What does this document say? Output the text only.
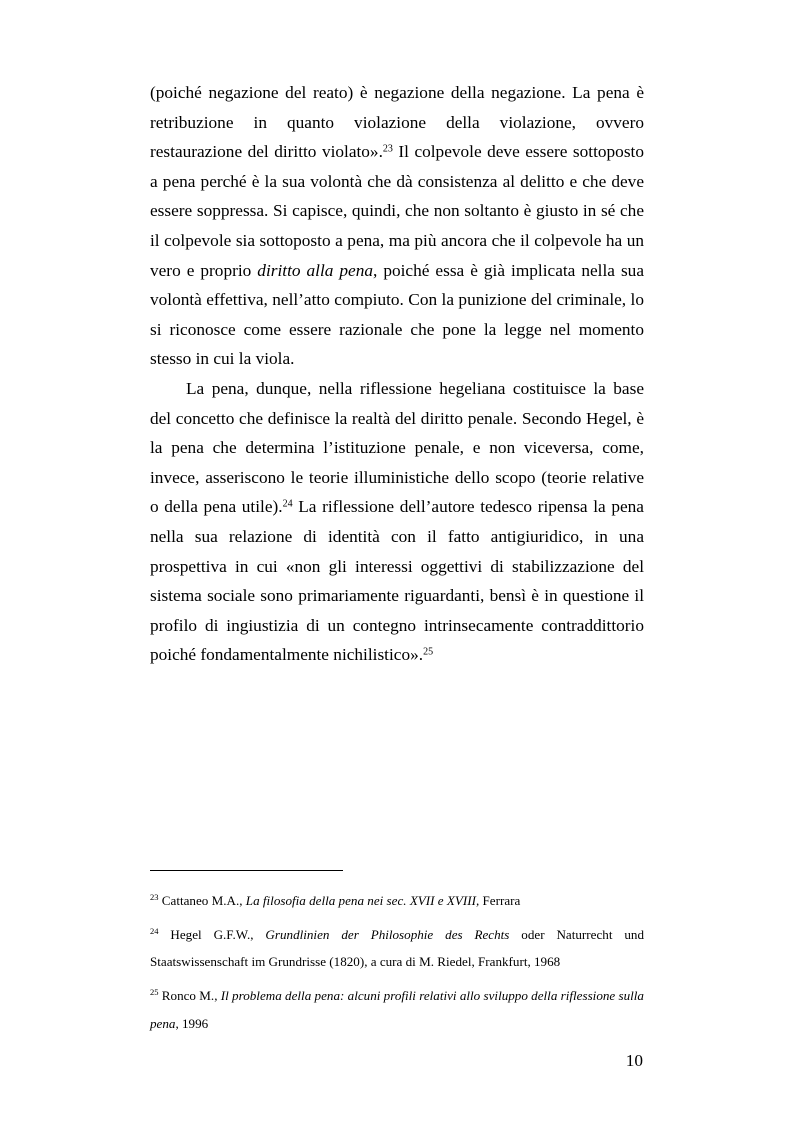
(poiché negazione del reato) è negazione della negazione. La pena è retribuzione in quanto violazione della violazione, ovvero restaurazione del diritto violato».$^{23}$ Il colpevole deve essere sottoposto a pena perché è la sua volontà che dà consistenza al delitto e che deve essere soppressa. Si capisce, quindi, che non soltanto è giusto in sé che il colpevole sia sottoposto a pena, ma più ancora che il colpevole ha un vero e proprio diritto alla pena, poiché essa è già implicata nella sua volontà effettiva, nell’atto compiuto. Con la punizione del criminale, lo si riconosce come essere razionale che pone la legge nel momento stesso in cui la viola.

La pena, dunque, nella riflessione hegeliana costituisce la base del concetto che definisce la realtà del diritto penale. Secondo Hegel, è la pena che determina l’istituzione penale, e non viceversa, come, invece, asseriscono le teorie illuministiche dello scopo (teorie relative o della pena utile).$^{24}$ La riflessione dell’autore tedesco ripensa la pena nella sua relazione di identità con il fatto antigiuridico, in una prospettiva in cui «non gli interessi oggettivi di stabilizzazione del sistema sociale sono primariamente riguardanti, bensì è in questione il profilo di ingiustizia di un contegno intrinsecamente contraddittorio poiché fondamentalmente nichilistico».$^{25}$

$^{23}$ Cattaneo M.A., La filosofia della pena nei sec. XVII e XVIII, Ferrara

$^{24}$ Hegel G.F.W., Grundlinien der Philosophie des Rechts oder Naturrecht und Staatswissenschaft im Grundrisse (1820), a cura di M. Riedel, Frankfurt, 1968

$^{25}$ Ronco M., Il problema della pena: alcuni profili relativi allo sviluppo della riflessione sulla pena, 1996

10
